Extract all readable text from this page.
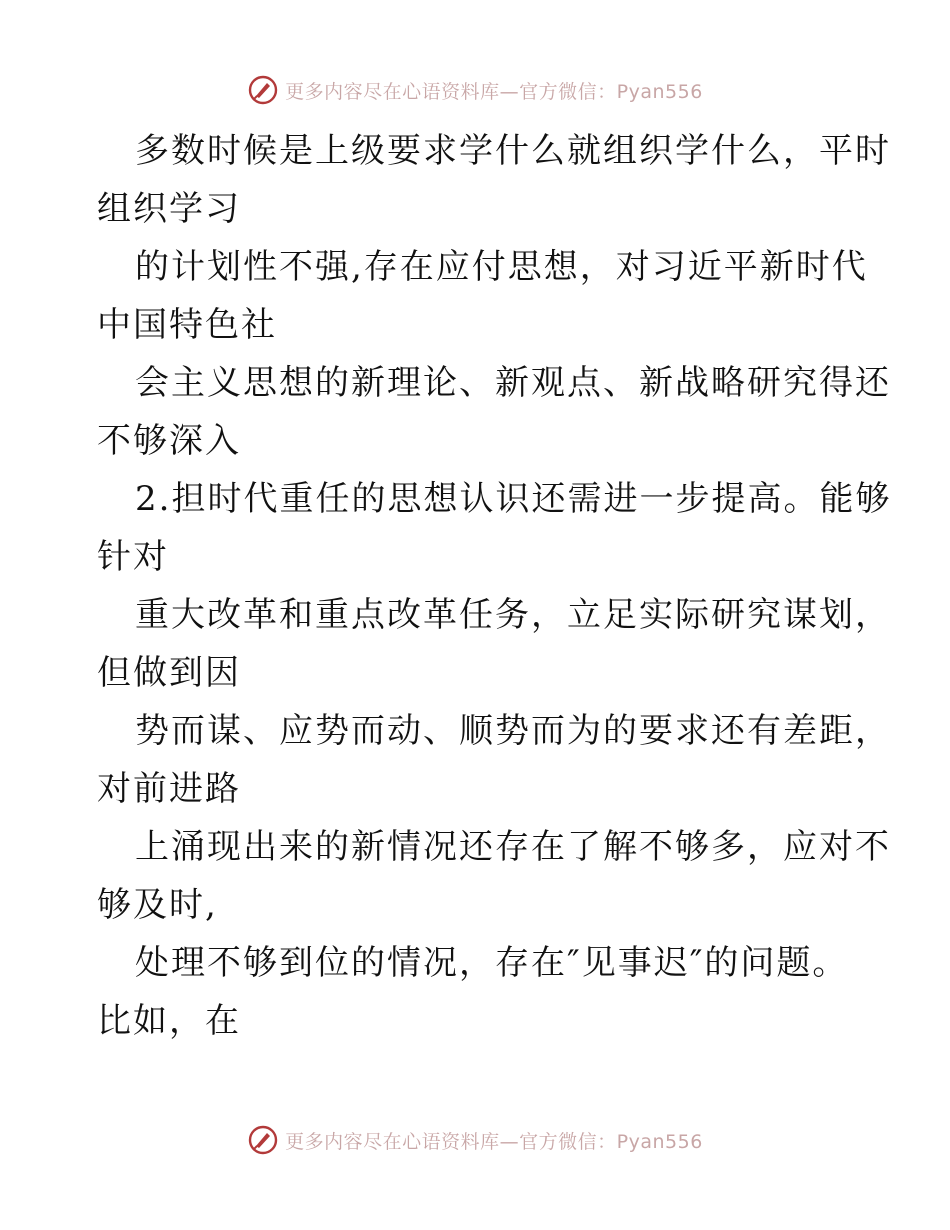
更多内容尽在心语资料库—官方微信：Pyan556
多数时候是上级要求学什么就组织学什么，平时
组织学习
的计划性不强,存在应付思想，对习近平新时代
中国特色社
会主义思想的新理论、新观点、新战略研究得还
不够深入
2.担时代重任的思想认识还需进一步提高。能够
针对
重大改革和重点改革任务，立足实际研究谋划，
但做到因
势而谋、应势而动、顺势而为的要求还有差距，
对前进路
上涌现出来的新情况还存在了解不够多，应对不
够及时,
处理不够到位的情况，存在″见事迟″的问题。
比如，在
更多内容尽在心语资料库—官方微信：Pyan556
